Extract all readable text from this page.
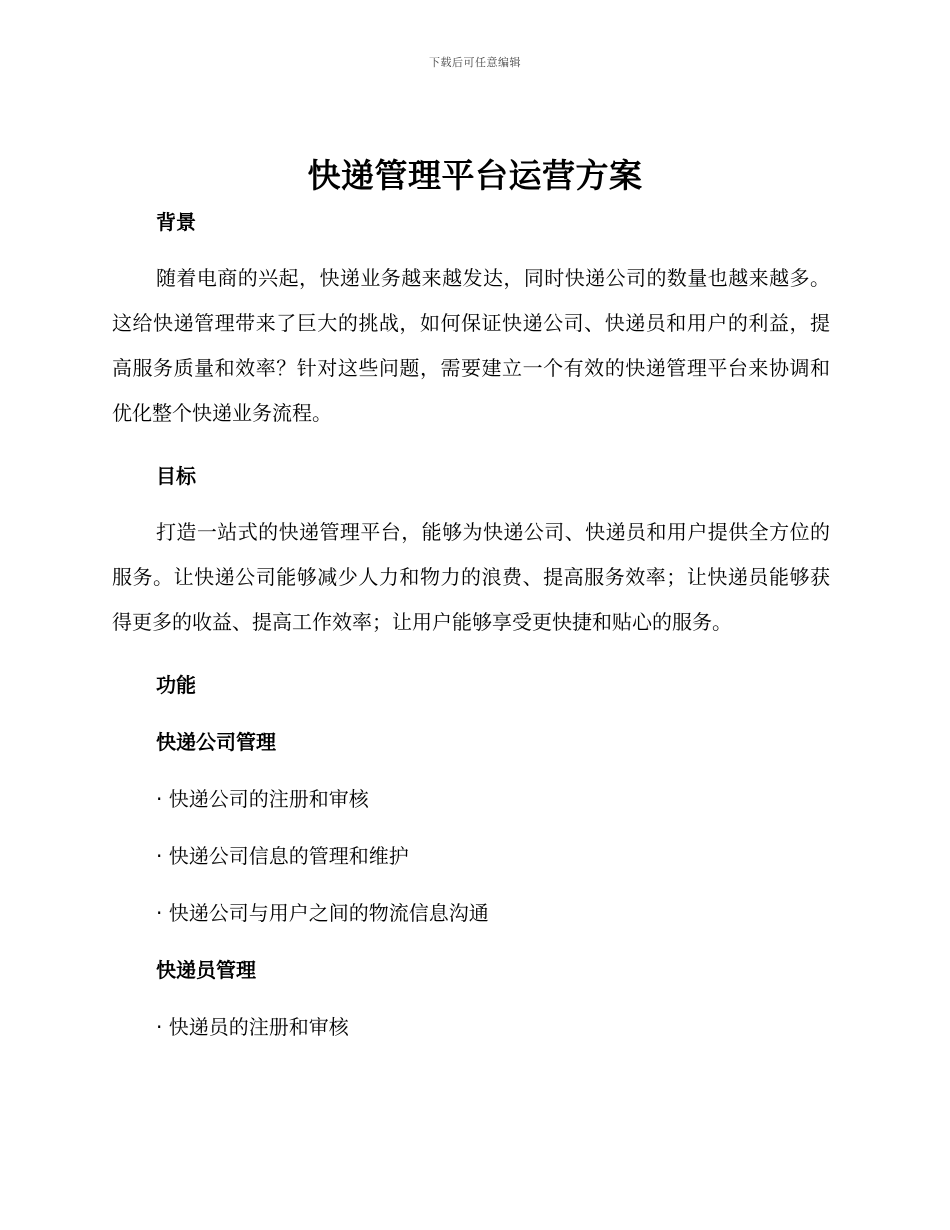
下载后可任意编辑
快递管理平台运营方案
背景

随着电商的兴起，快递业务越来越发达，同时快递公司的数量也越来越多。这给快递管理带来了巨大的挑战，如何保证快递公司、快递员和用户的利益，提高服务质量和效率？针对这些问题，需要建立一个有效的快递管理平台来协调和优化整个快递业务流程。

目标

打造一站式的快递管理平台，能够为快递公司、快递员和用户提供全方位的服务。让快递公司能够减少人力和物力的浪费、提高服务效率；让快递员能够获得更多的收益、提高工作效率；让用户能够享受更快捷和贴心的服务。

功能
快递公司管理

· 快递公司的注册和审核

· 快递公司信息的管理和维护

· 快递公司与用户之间的物流信息沟通

快递员管理

· 快递员的注册和审核
